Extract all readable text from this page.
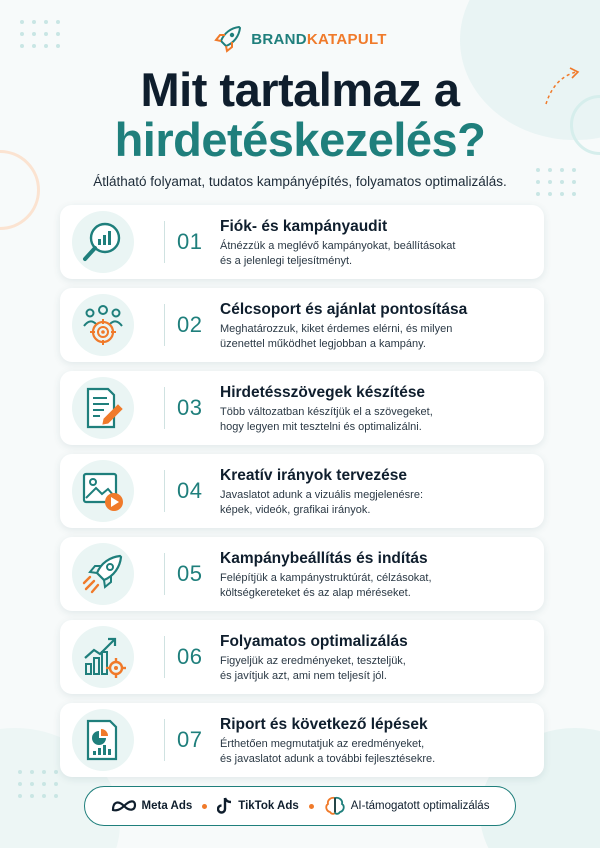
BRANDKATAPULT
Mit tartalmaz a
hirdetéskezelés?
Átlátható folyamat, tudatos kampányépítés, folyamatos optimalizálás.
01
Fiók- és kampányaudit
Átnézzük a meglévő kampányokat, beállításokat
és a jelenlegi teljesítményt.
02
Célcsoport és ajánlat pontosítása
Meghatározzuk, kiket érdemes elérni, és milyen
üzenettel működhet legjobban a kampány.
03
Hirdetésszövegek készítése
Több változatban készítjük el a szövegeket,
hogy legyen mit tesztelni és optimalizálni.
04
Kreatív irányok tervezése
Javaslatot adunk a vizuális megjelenésre:
képek, videók, grafikai irányok.
05
Kampánybeállítás és indítás
Felépítjük a kampánystruktúrát, célzásokat,
költségkereteket és az alap méréseket.
06
Folyamatos optimalizálás
Figyeljük az eredményeket, teszteljük,
és javítjuk azt, ami nem teljesít jól.
07
Riport és következő lépések
Érthetően megmutatjuk az eredményeket,
és javaslatot adunk a további fejlesztésekre.
Meta Ads	TikTok Ads	AI-támogatott optimalizálás
